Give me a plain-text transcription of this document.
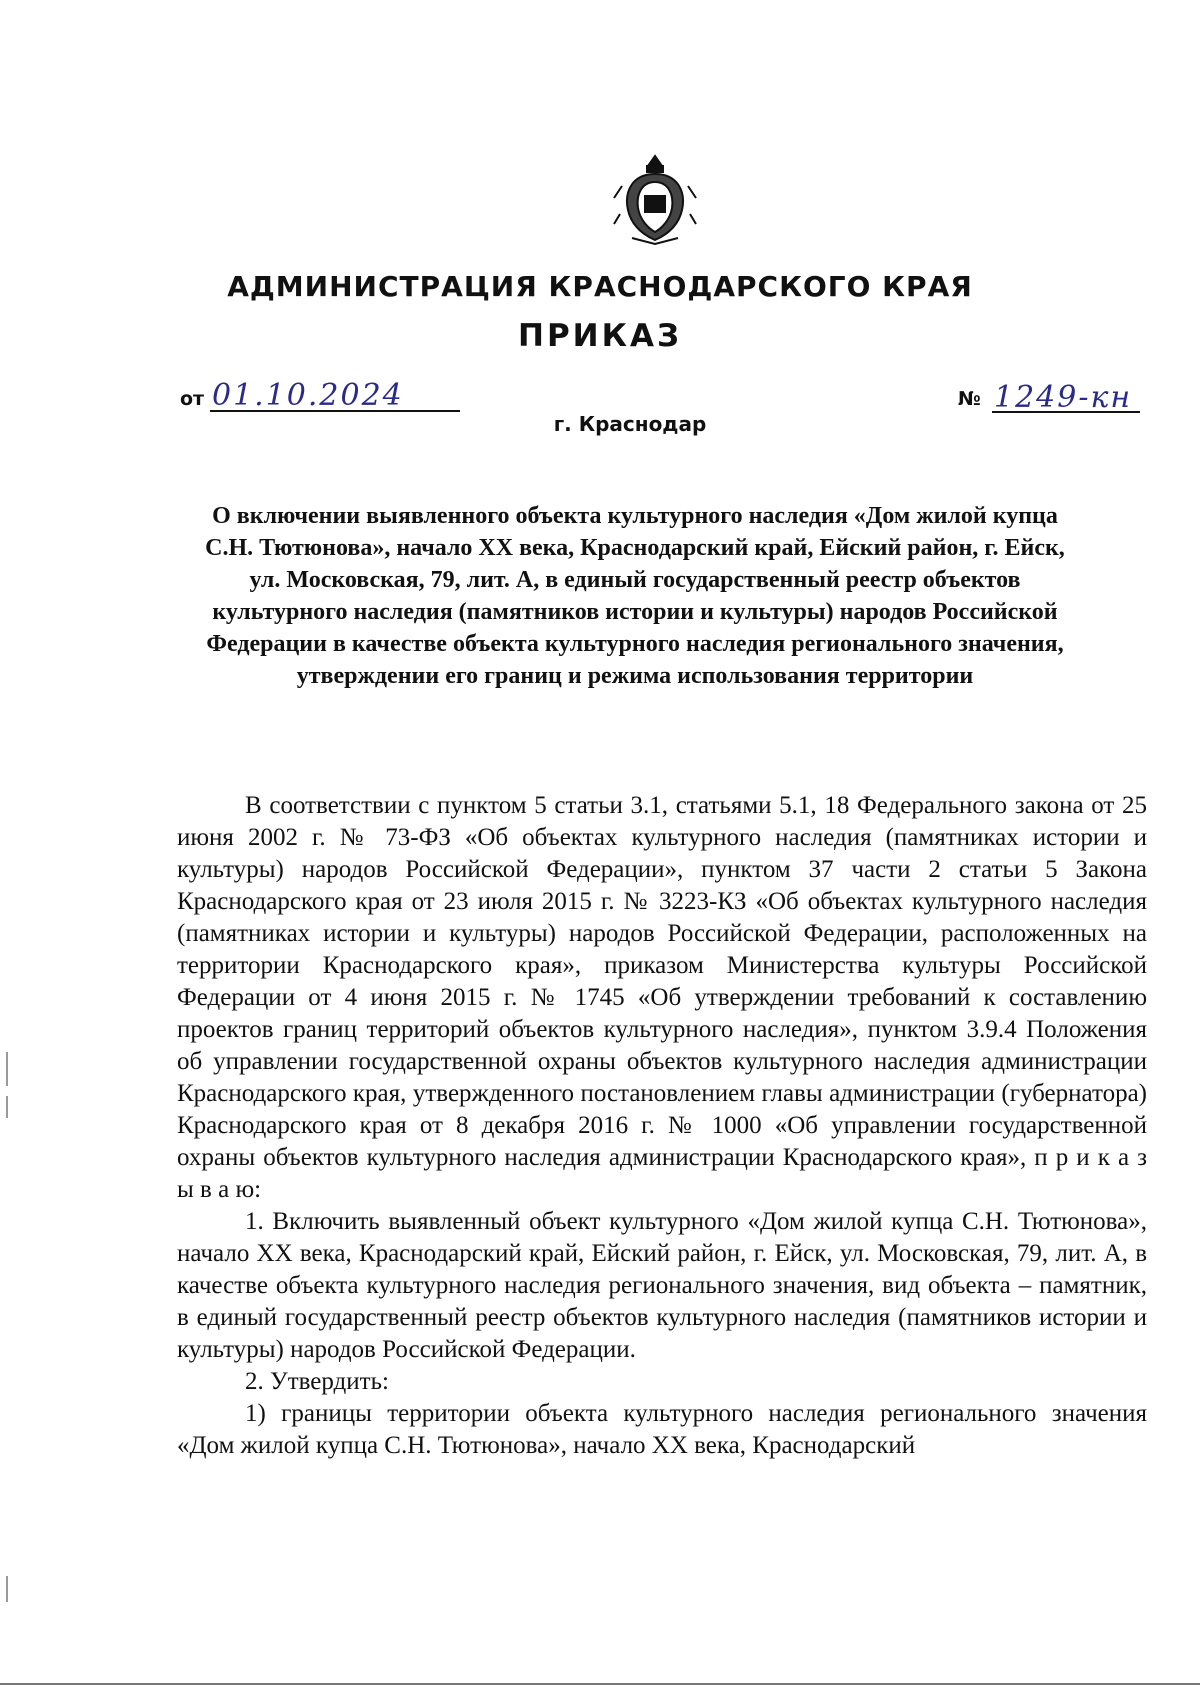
АДМИНИСТРАЦИЯ КРАСНОДАРСКОГО КРАЯ
ПРИКАЗ
от 01.10.2024	№ 1249-кн
г. Краснодар
О включении выявленного объекта культурного наследия «Дом жилой купца С.Н. Тютюнова», начало XX века, Краснодарский край, Ейский район, г. Ейск, ул. Московская, 79, лит. А, в единый государственный реестр объектов культурного наследия (памятников истории и культуры) народов Российской Федерации в качестве объекта культурного наследия регионального значения, утверждении его границ и режима использования территории

В соответствии с пунктом 5 статьи 3.1, статьями 5.1, 18 Федерального закона от 25 июня 2002 г. № 73-ФЗ «Об объектах культурного наследия (памятниках истории и культуры) народов Российской Федерации», пунктом 37 части 2 статьи 5 Закона Краснодарского края от 23 июля 2015 г. № 3223-КЗ «Об объектах культурного наследия (памятниках истории и культуры) народов Российской Федерации, расположенных на территории Краснодарского края», приказом Министерства культуры Российской Федерации от 4 июня 2015 г. № 1745 «Об утверждении требований к составлению проектов границ территорий объектов культурного наследия», пунктом 3.9.4 Положения об управлении государственной охраны объектов культурного наследия администрации Краснодарского края, утвержденного постановлением главы администрации (губернатора) Краснодарского края от 8 декабря 2016 г. № 1000 «Об управлении государственной охраны объектов культурного наследия администрации Краснодарского края», п р и к а з ы в а ю:

1. Включить выявленный объект культурного «Дом жилой купца С.Н. Тютюнова», начало XX века, Краснодарский край, Ейский район, г. Ейск, ул. Московская, 79, лит. А, в качестве объекта культурного наследия регионального значения, вид объекта – памятник, в единый государственный реестр объектов культурного наследия (памятников истории и культуры) народов Российской Федерации.

2. Утвердить:

1) границы территории объекта культурного наследия регионального значения «Дом жилой купца С.Н. Тютюнова», начало XX века, Краснодарский
